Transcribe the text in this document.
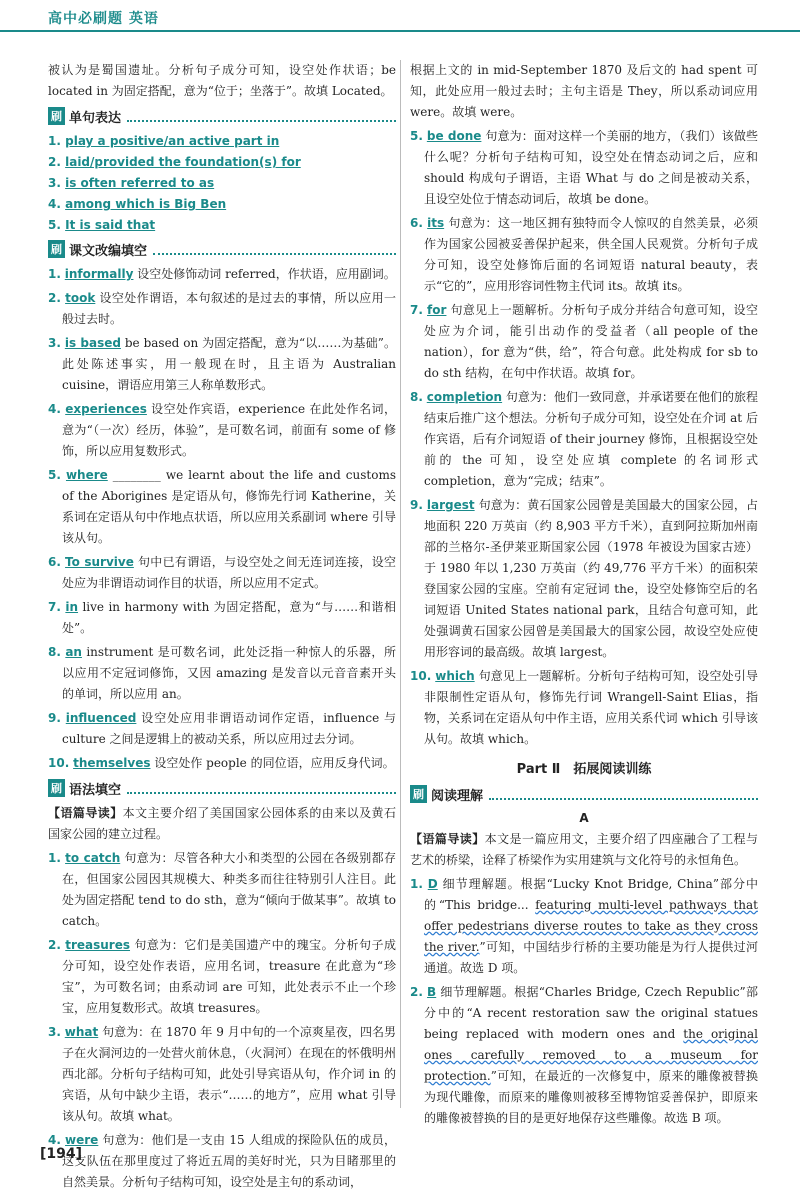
高中必刷题 英语

被认为是蜀国遗址。分析句子成分可知，设空处作状语；be located in 为固定搭配，意为“位于；坐落于”。故填 Located。

刷 单句表达
1. play a positive/an active part in
2. laid/provided the foundation(s) for
3. is often referred to as
4. among which is Big Ben
5. It is said that
刷 课文改编填空
1. informally 设空处修饰动词 referred，作状语，应用副词。
2. took 设空处作谓语，本句叙述的是过去的事情，所以应用一般过去时。
3. is based be based on 为固定搭配，意为“以……为基础”。此处陈述事实，用一般现在时，且主语为 Australian cuisine，谓语应用第三人称单数形式。
4. experiences 设空处作宾语，experience 在此处作名词，意为“（一次）经历，体验”，是可数名词，前面有 some of 修饰，所以应用复数形式。
5. where ________ we learnt about the life and customs of the Aborigines 是定语从句，修饰先行词 Katherine，关系词在定语从句中作地点状语，所以应用关系副词 where 引导该从句。
6. To survive 句中已有谓语，与设空处之间无连词连接，设空处应为非谓语动词作目的状语，所以应用不定式。
7. in live in harmony with 为固定搭配，意为“与……和谐相处”。
8. an instrument 是可数名词，此处泛指一种惊人的乐器，所以应用不定冠词修饰，又因 amazing 是发音以元音音素开头的单词，所以应用 an。
9. influenced 设空处应用非谓语动词作定语，influence 与 culture 之间是逻辑上的被动关系，所以应用过去分词。
10. themselves 设空处作 people 的同位语，应用反身代词。
刷 语法填空

【语篇导读】本文主要介绍了美国国家公园体系的由来以及黄石国家公园的建立过程。

1. to catch 句意为：尽管各种大小和类型的公园在各级别都存在，但国家公园因其规模大、种类多而往往特别引人注目。此处为固定搭配 tend to do sth，意为“倾向于做某事”。故填 to catch。
2. treasures 句意为：它们是美国遗产中的瑰宝。分析句子成分可知，设空处作表语，应用名词，treasure 在此意为“珍宝”，为可数名词；由系动词 are 可知，此处表示不止一个珍宝，应用复数形式。故填 treasures。
3. what 句意为：在 1870 年 9 月中旬的一个凉爽星夜，四名男子在火洞河边的一处营火前休息，（火洞河）在现在的怀俄明州西北部。分析句子结构可知，此处引导宾语从句，作介词 in 的宾语，从句中缺少主语，表示“……的地方”，应用 what 引导该从句。故填 what。
4. were 句意为：他们是一支由 15 人组成的探险队伍的成员，这支队伍在那里度过了将近五周的美好时光，只为目睹那里的自然美景。分析句子结构可知，设空处是主句的系动词，

根据上文的 in mid-September 1870 及后文的 had spent 可知，此处应用一般过去时；主句主语是 They，所以系动词应用 were。故填 were。

5. be done 句意为：面对这样一个美丽的地方，（我们）该做些什么呢？分析句子结构可知，设空处在情态动词之后，应和 should 构成句子谓语，主语 What 与 do 之间是被动关系，且设空处位于情态动词后，故填 be done。
6. its 句意为：这一地区拥有独特而令人惊叹的自然美景，必须作为国家公园被妥善保护起来，供全国人民观赏。分析句子成分可知，设空处修饰后面的名词短语 natural beauty，表示“它的”，应用形容词性物主代词 its。故填 its。
7. for 句意见上一题解析。分析句子成分并结合句意可知，设空处应为介词，能引出动作的受益者（all people of the nation），for 意为“供，给”，符合句意。此处构成 for sb to do sth 结构，在句中作状语。故填 for。
8. completion 句意为：他们一致同意，并承诺要在他们的旅程结束后推广这个想法。分析句子成分可知，设空处在介词 at 后作宾语，后有介词短语 of their journey 修饰，且根据设空处前的 the 可知，设空处应填 complete 的名词形式 completion，意为“完成；结束”。
9. largest 句意为：黄石国家公园曾是美国最大的国家公园，占地面积 220 万英亩（约 8,903 平方千米），直到阿拉斯加州南部的兰格尔-圣伊莱亚斯国家公园（1978 年被设为国家古迹）于 1980 年以 1,230 万英亩（约 49,776 平方千米）的面积荣登国家公园的宝座。空前有定冠词 the，设空处修饰空后的名词短语 United States national park，且结合句意可知，此处强调黄石国家公园曾是美国最大的国家公园，故设空处应使用形容词的最高级。故填 largest。
10. which 句意见上一题解析。分析句子结构可知，设空处引导非限制性定语从句，修饰先行词 Wrangell-Saint Elias，指物，关系词在定语从句中作主语，应用关系代词 which 引导该从句。故填 which。
Part Ⅱ　拓展阅读训练
刷 阅读理解
A

【语篇导读】本文是一篇应用文，主要介绍了四座融合了工程与艺术的桥梁，诠释了桥梁作为实用建筑与文化符号的永恒角色。

1. D 细节理解题。根据“Lucky Knot Bridge, China”部分中的“This bridge... featuring multi-level pathways that offer pedestrians diverse routes to take as they cross the river.”可知，中国结步行桥的主要功能是为行人提供过河通道。故选 D 项。
2. B 细节理解题。根据“Charles Bridge, Czech Republic”部分中的“A recent restoration saw the original statues being replaced with modern ones and the original ones carefully removed to a museum for protection.”可知，在最近的一次修复中，原来的雕像被替换为现代雕像，而原来的雕像则被移至博物馆妥善保护，即原来的雕像被替换的目的是更好地保存这些雕像。故选 B 项。
[194]
